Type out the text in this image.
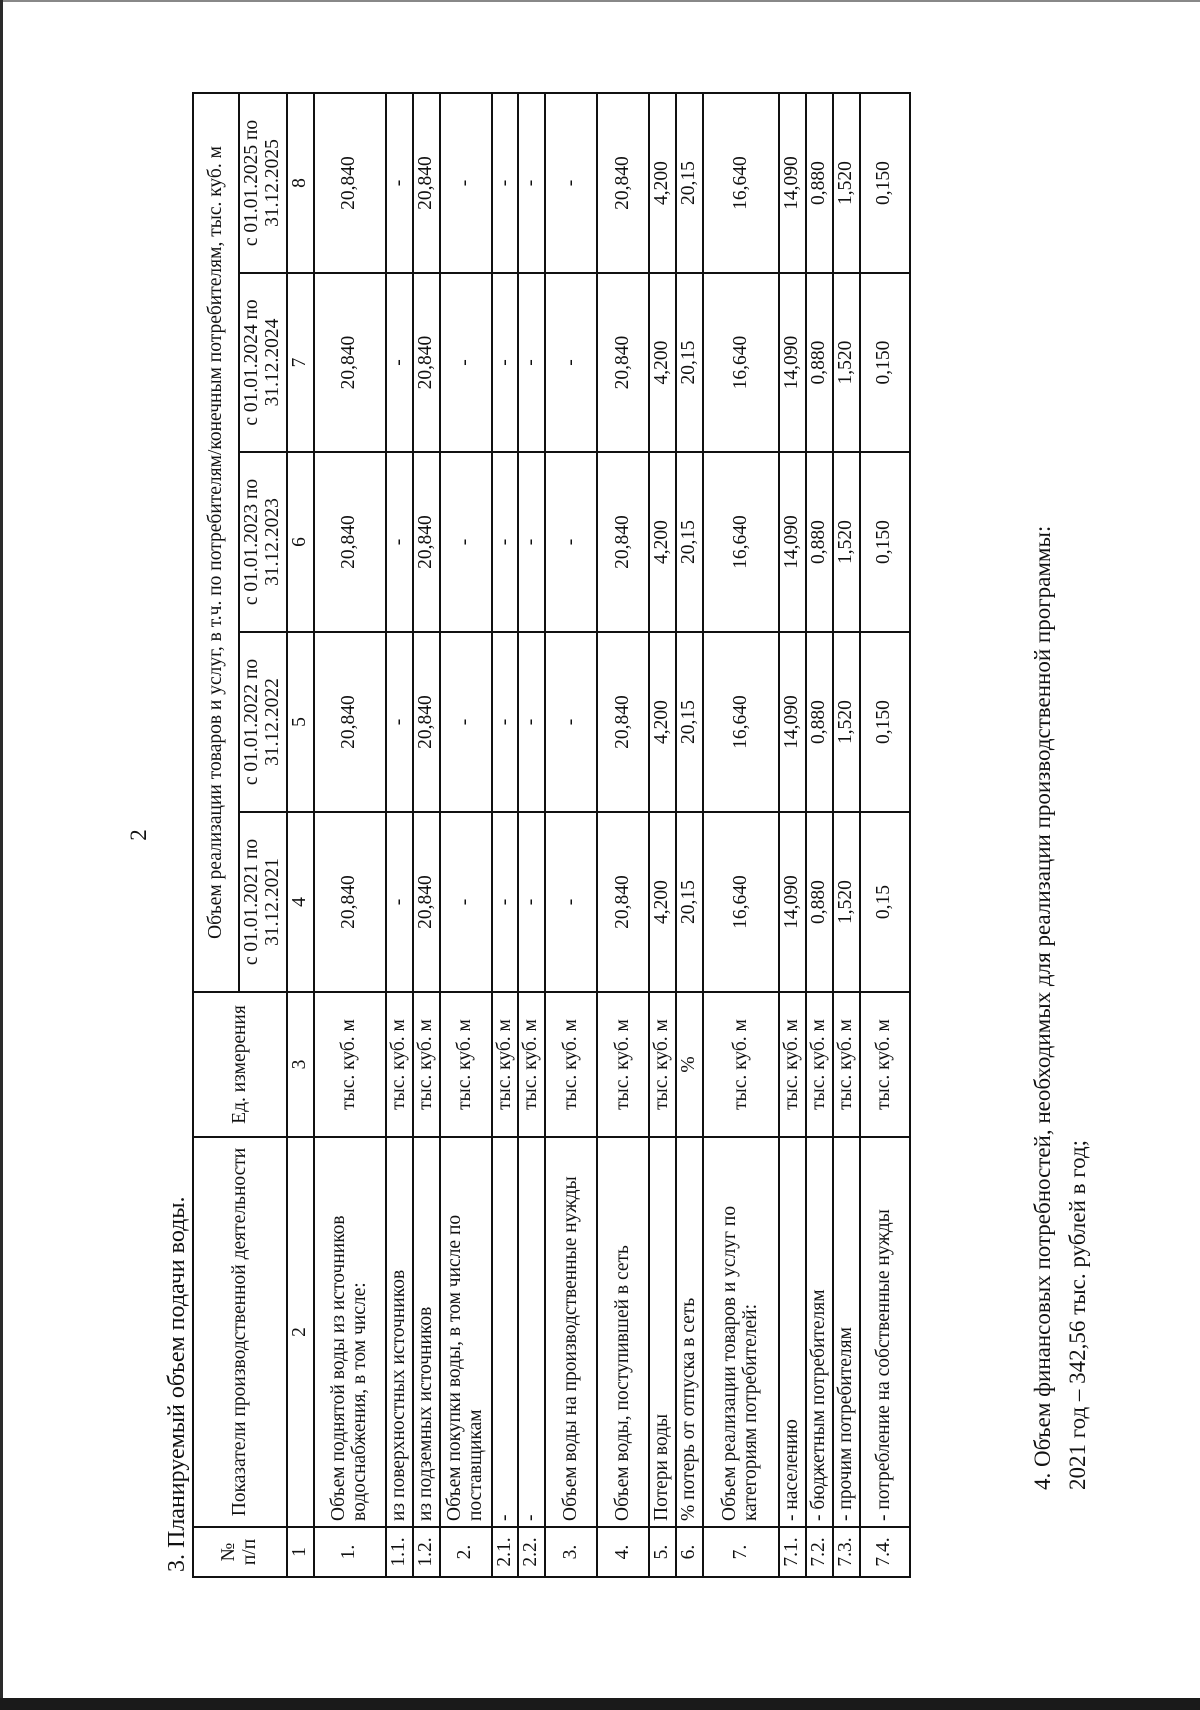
2
3. Планируемый объем подачи воды. № п/п	Показатели производственной деятельности	Ед. измерения	Объем реализации товаров и услуг, в т.ч. по потребителям/конечным потребителям, тыс. куб. м				
			с 01.01.2021 по 31.12.2021	с 01.01.2022 по 31.12.2022	с 01.01.2023 по 31.12.2023	с 01.01.2024 по 31.12.2024	с 01.01.2025 по 31.12.2025
1	2	3	4	5	6	7	8
1.	Объем поднятой воды из источников водоснабжения, в том числе:	тыс. куб. м	20,840	20,840	20,840	20,840	20,840
1.1.	из поверхностных источников	тыс. куб. м	-	-	-	-	-
1.2.	из подземных источников	тыс. куб. м	20,840	20,840	20,840	20,840	20,840
2.	Объем покупки воды, в том числе по поставщикам	тыс. куб. м	-	-	-	-	-
2.1.	-	тыс. куб. м	-	-	-	-	-
2.2.	-	тыс. куб. м	-	-	-	-	-
3.	Объем воды на производственные нужды	тыс. куб. м	-	-	-	-	-
4.	Объем воды, поступившей в сеть	тыс. куб. м	20,840	20,840	20,840	20,840	20,840
5.	Потери воды	тыс. куб. м	4,200	4,200	4,200	4,200	4,200
6.	% потерь от отпуска в сеть	%	20,15	20,15	20,15	20,15	20,15
7.	Объем реализации товаров и услуг по категориям потребителей:	тыс. куб. м	16,640	16,640	16,640	16,640	16,640
7.1.	- населению	тыс. куб. м	14,090	14,090	14,090	14,090	14,090
7.2.	- бюджетным потребителям	тыс. куб. м	0,880	0,880	0,880	0,880	0,880
7.3.	- прочим потребителям	тыс. куб. м	1,520	1,520	1,520	1,520	1,520
7.4.	- потребление на собственные нужды	тыс. куб. м	0,15	0,150	0,150	0,150	0,150
4. Объем финансовых потребностей, необходимых для реализации производственной программы: 2021 год – 342,56 тыс. рублей в год;
